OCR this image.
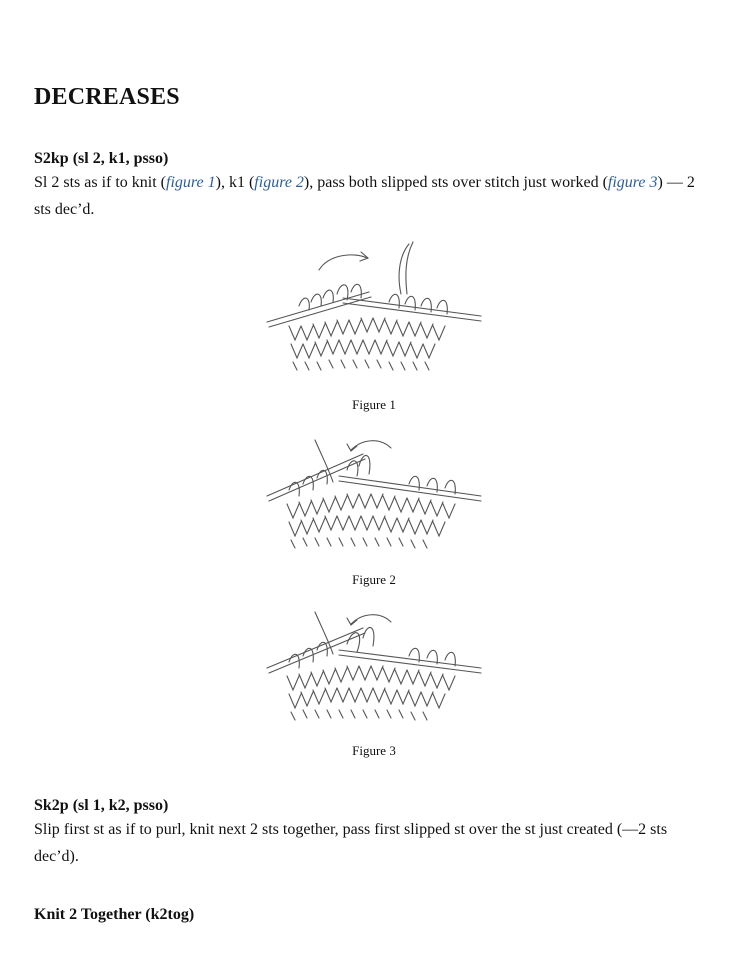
DECREASES

S2kp (sl 2, k1, psso)

Sl 2 sts as if to knit (figure 1), k1 (figure 2), pass both slipped sts over stitch just worked (figure 3) — 2 sts dec’d.

Figure 1
Figure 2
Figure 3

Sk2p (sl 1, k2, psso)

Slip first st as if to purl, knit next 2 sts together, pass first slipped st over the st just created (—2 sts dec’d).

Knit 2 Together (k2tog)
